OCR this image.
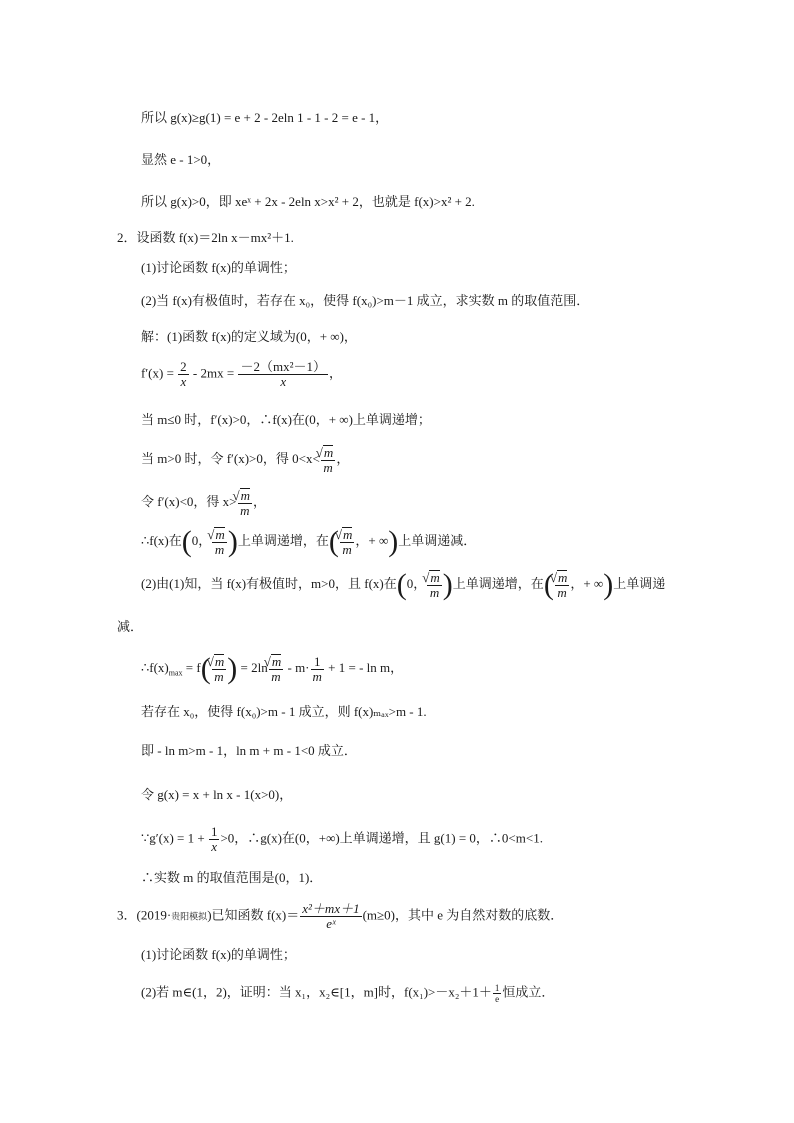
所以 g(x)≥g(1) = e + 2 - 2eln 1 - 1 - 2 = e - 1，
显然 e - 1>0，
所以 g(x)>0，即 xeˣ + 2x - 2eln x>x² + 2，也就是 f(x)>x² + 2.
2．设函数 f(x)＝2ln x－mx²＋1.
(1)讨论函数 f(x)的单调性；
(2)当 f(x)有极值时，若存在 x₀，使得 f(x₀)>m－1 成立，求实数 m 的取值范围．
解：(1)函数 f(x)的定义域为(0，+ ∞)，
$f'(x) = \frac{2}{x} - 2mx = \frac{\text{－2（mx²－1）}}{x}$ ，
当 m≤0 时，f′(x)>0，∴f(x)在(0，+ ∞)上单调递增；
当 m>0 时，令 f′(x)>0，得 0<x< √ $\frac{m}{m}$ ，
令 f′(x)<0，得 x> √ $\frac{m}{m}$ ，
∴f(x)在(0， √ $\frac{m}{m}$ )上单调递增，在( √ $\frac{m}{m}$ ，+ ∞)上单调递减．
(2)由(1)知，当 f(x)有极值时，m>0，且 f(x)在(0， √ $\frac{m}{m}$ )上单调递增，在( √ $\frac{m}{m}$ ，+ ∞)上单调递
减．
$\therefore f(x)_{max} = f$( √ $\frac{m}{m}$ ) = 2ln √ $\frac{m}{m} - m\cdot \frac{1}{m} + 1$ = - ln m，
若存在 x₀，使得 f(x₀)>m - 1 成立，则 f(x)ₘₐₓ>m - 1.
即 - ln m>m - 1，ln m + m - 1<0 成立．
令 g(x) = x + ln x - 1(x>0)，
∵g′(x) = $1 + \frac{1}{x} >0$，∴g(x)在(0，+∞)上单调递增，且 g(1) = 0，∴0<m<1.
∴实数 m 的取值范围是(0，1)．
3．(2019·贵阳模拟)已知函数 $f(x)= \frac{\text{x²＋mx＋1}}{\text{eˣ}} (m\ge 0)$，其中 e 为自然对数的底数．
(1)讨论函数 f(x)的单调性；
(2)若 m∈(1，2)，证明：当 x₁，x₂∈[1，m]时，$f(x_1)>-x_2+1+ \frac{1}{e}$ 恒成立．
